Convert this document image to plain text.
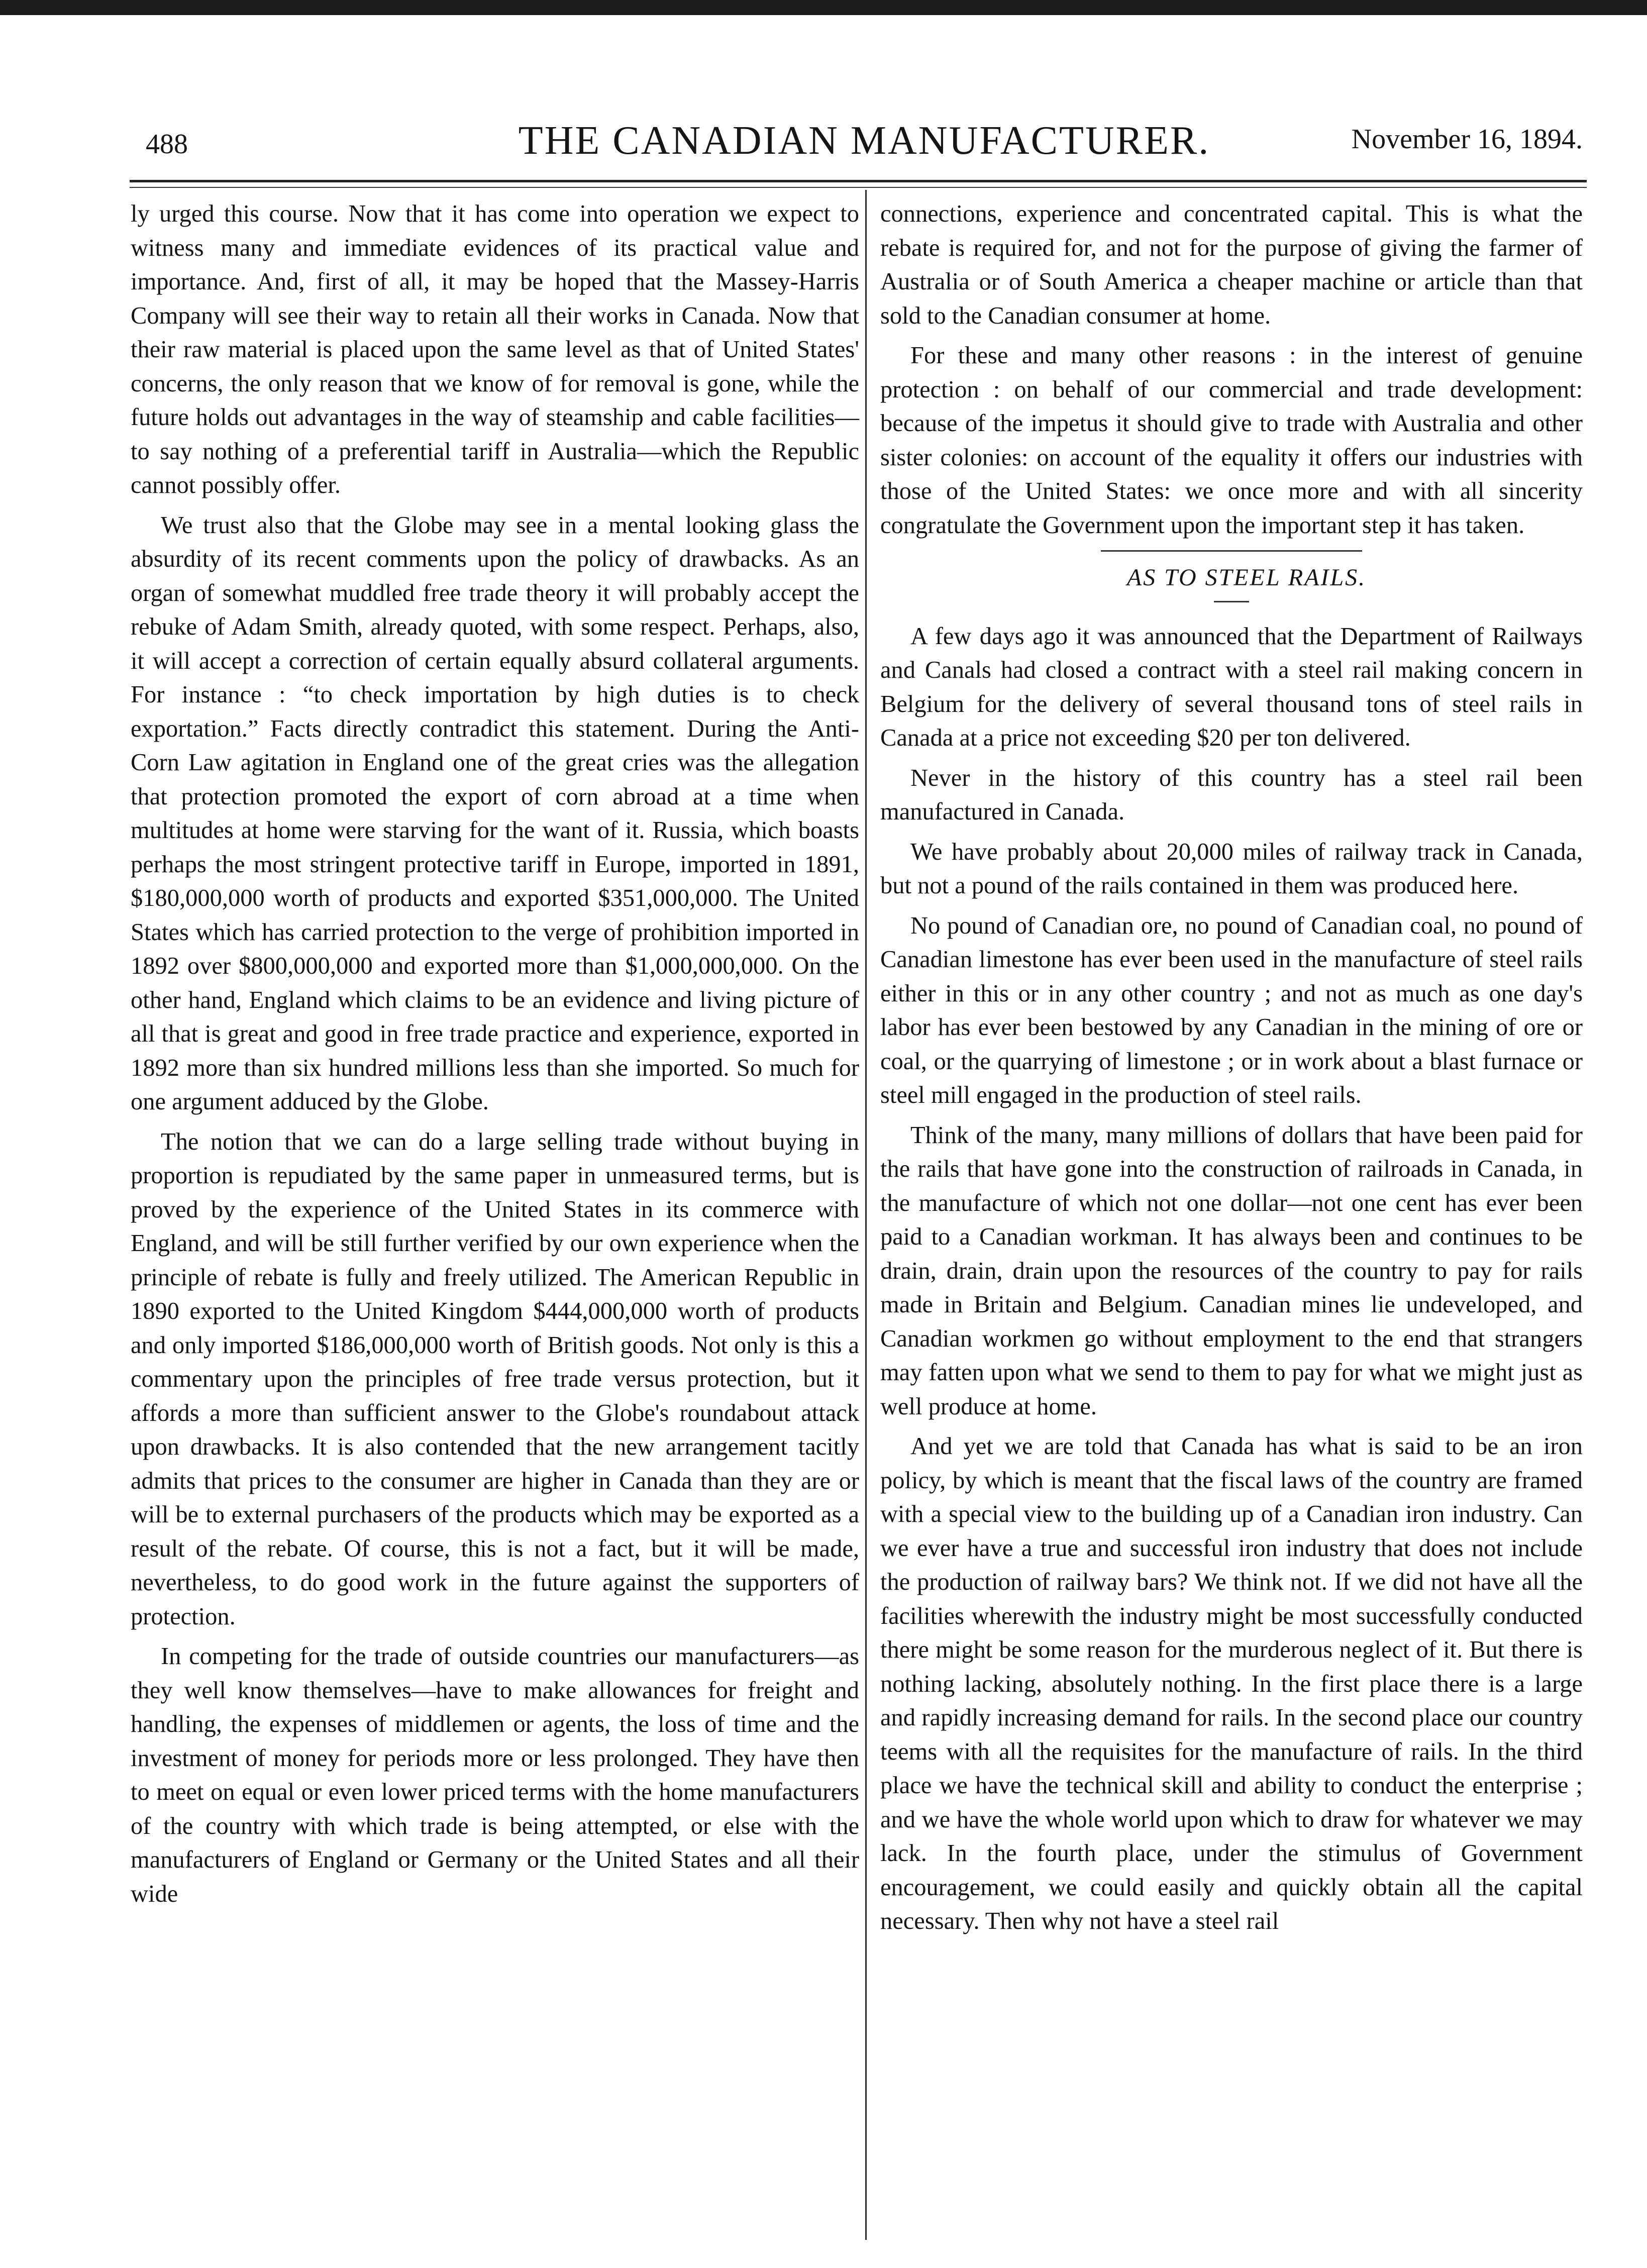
488	THE CANADIAN MANUFACTURER.	November 16, 1894.

ly urged this course. Now that it has come into operation we expect to witness many and immediate evidences of its practical value and importance. And, first of all, it may be hoped that the Massey-Harris Company will see their way to retain all their works in Canada. Now that their raw material is placed upon the same level as that of United States' concerns, the only reason that we know of for removal is gone, while the future holds out advantages in the way of steamship and cable facilities—to say nothing of a preferential tariff in Australia—which the Republic cannot possibly offer.

We trust also that the Globe may see in a mental looking glass the absurdity of its recent comments upon the policy of drawbacks. As an organ of somewhat muddled free trade theory it will probably accept the rebuke of Adam Smith, already quoted, with some respect. Perhaps, also, it will accept a correction of certain equally absurd collateral arguments. For instance : “to check importation by high duties is to check exportation.” Facts directly contradict this statement. During the Anti-Corn Law agitation in England one of the great cries was the allegation that protection promoted the export of corn abroad at a time when multitudes at home were starving for the want of it. Russia, which boasts perhaps the most stringent protective tariff in Europe, imported in 1891, $180,000,000 worth of products and exported $351,000,000. The United States which has carried protection to the verge of prohibition imported in 1892 over $800,000,000 and exported more than $1,000,000,000. On the other hand, England which claims to be an evidence and living picture of all that is great and good in free trade practice and experience, exported in 1892 more than six hundred millions less than she imported. So much for one argument adduced by the Globe.

The notion that we can do a large selling trade without buying in proportion is repudiated by the same paper in unmeasured terms, but is proved by the experience of the United States in its commerce with England, and will be still further verified by our own experience when the principle of rebate is fully and freely utilized. The American Republic in 1890 exported to the United Kingdom $444,000,000 worth of products and only imported $186,000,000 worth of British goods. Not only is this a commentary upon the principles of free trade versus protection, but it affords a more than sufficient answer to the Globe's roundabout attack upon drawbacks. It is also contended that the new arrangement tacitly admits that prices to the consumer are higher in Canada than they are or will be to external purchasers of the products which may be exported as a result of the rebate. Of course, this is not a fact, but it will be made, nevertheless, to do good work in the future against the supporters of protection.

In competing for the trade of outside countries our manufacturers—as they well know themselves—have to make allowances for freight and handling, the expenses of middlemen or agents, the loss of time and the investment of money for periods more or less prolonged. They have then to meet on equal or even lower priced terms with the home manufacturers of the country with which trade is being attempted, or else with the manufacturers of England or Germany or the United States and all their wide

connections, experience and concentrated capital. This is what the rebate is required for, and not for the purpose of giving the farmer of Australia or of South America a cheaper machine or article than that sold to the Canadian consumer at home.

For these and many other reasons : in the interest of genuine protection : on behalf of our commercial and trade development: because of the impetus it should give to trade with Australia and other sister colonies: on account of the equality it offers our industries with those of the United States: we once more and with all sincerity congratulate the Government upon the important step it has taken.

AS TO STEEL RAILS.

A few days ago it was announced that the Department of Railways and Canals had closed a contract with a steel rail making concern in Belgium for the delivery of several thousand tons of steel rails in Canada at a price not exceeding $20 per ton delivered.

Never in the history of this country has a steel rail been manufactured in Canada.

We have probably about 20,000 miles of railway track in Canada, but not a pound of the rails contained in them was produced here.

No pound of Canadian ore, no pound of Canadian coal, no pound of Canadian limestone has ever been used in the manufacture of steel rails either in this or in any other country ; and not as much as one day's labor has ever been bestowed by any Canadian in the mining of ore or coal, or the quarrying of limestone ; or in work about a blast furnace or steel mill engaged in the production of steel rails.

Think of the many, many millions of dollars that have been paid for the rails that have gone into the construction of railroads in Canada, in the manufacture of which not one dollar—not one cent has ever been paid to a Canadian workman. It has always been and continues to be drain, drain, drain upon the resources of the country to pay for rails made in Britain and Belgium. Canadian mines lie undeveloped, and Canadian workmen go without employment to the end that strangers may fatten upon what we send to them to pay for what we might just as well produce at home.

And yet we are told that Canada has what is said to be an iron policy, by which is meant that the fiscal laws of the country are framed with a special view to the building up of a Canadian iron industry. Can we ever have a true and successful iron industry that does not include the production of railway bars? We think not. If we did not have all the facilities wherewith the industry might be most successfully conducted there might be some reason for the murderous neglect of it. But there is nothing lacking, absolutely nothing. In the first place there is a large and rapidly increasing demand for rails. In the second place our country teems with all the requisites for the manufacture of rails. In the third place we have the technical skill and ability to conduct the enterprise ; and we have the whole world upon which to draw for whatever we may lack. In the fourth place, under the stimulus of Government encouragement, we could easily and quickly obtain all the capital necessary. Then why not have a steel rail
